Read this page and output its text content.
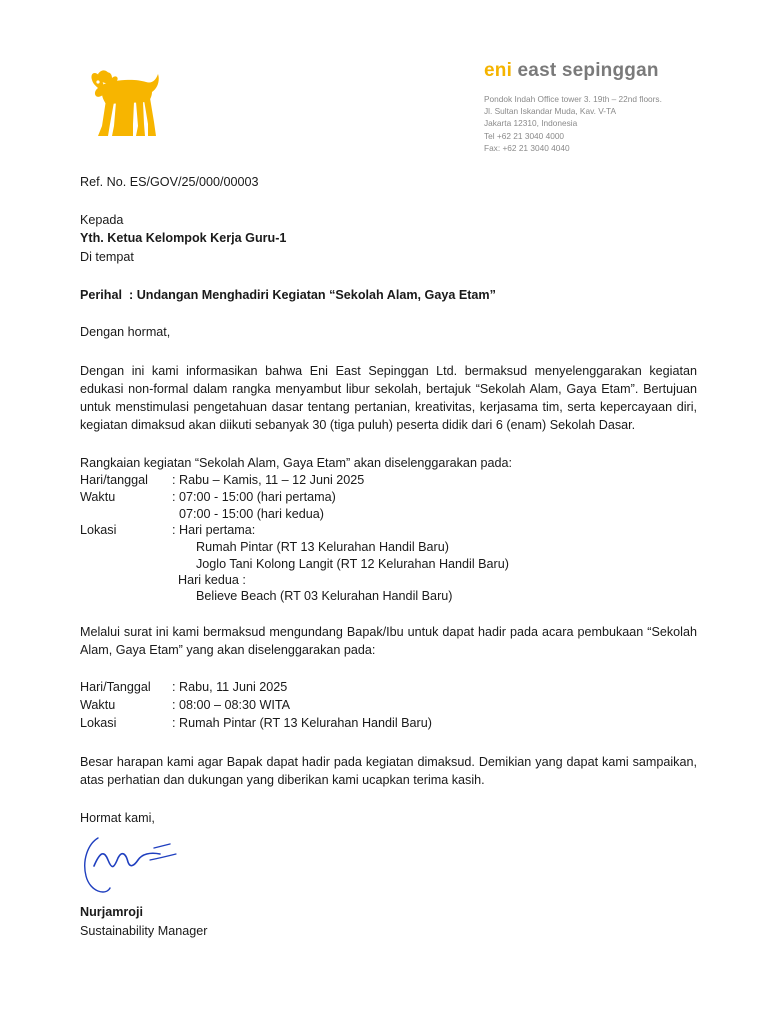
eni east sepinggan
Pondok Indah Office tower 3. 19th – 22nd floors.
Jl. Sultan Iskandar Muda, Kav. V-TA
Jakarta 12310, Indonesia
Tel +62 21 3040 4000
Fax: +62 21 3040 4040
Ref. No. ES/GOV/25/000/00003
Kepada
Yth. Ketua Kelompok Kerja Guru-1
Di tempat
Perihal  : Undangan Menghadiri Kegiatan “Sekolah Alam, Gaya Etam”
Dengan hormat,
Dengan ini kami informasikan bahwa Eni East Sepinggan Ltd. bermaksud menyelenggarakan kegiatan edukasi non-formal dalam rangka menyambut libur sekolah, bertajuk “Sekolah Alam, Gaya Etam”. Bertujuan untuk menstimulasi pengetahuan dasar tentang pertanian, kreativitas, kerjasama tim, serta kepercayaan diri, kegiatan dimaksud akan diikuti sebanyak 30 (tiga puluh) peserta didik dari 6 (enam) Sekolah Dasar.
Rangkaian kegiatan “Sekolah Alam, Gaya Etam” akan diselenggarakan pada:
Hari/tanggal : Rabu – Kamis, 11 – 12 Juni 2025
Waktu	: 07:00 - 15:00 (hari pertama)
07:00 - 15:00 (hari kedua)
Lokasi	: Hari pertama:
Rumah Pintar (RT 13 Kelurahan Handil Baru)
Joglo Tani Kolong Langit (RT 12 Kelurahan Handil Baru)
Hari kedua :
Believe Beach (RT 03 Kelurahan Handil Baru)
Melalui surat ini kami bermaksud mengundang Bapak/Ibu untuk dapat hadir pada acara pembukaan “Sekolah Alam, Gaya Etam” yang akan diselenggarakan pada:
Hari/Tanggal : Rabu, 11 Juni 2025
Waktu	: 08:00 – 08:30 WITA
Lokasi	: Rumah Pintar (RT 13 Kelurahan Handil Baru)
Besar harapan kami agar Bapak dapat hadir pada kegiatan dimaksud. Demikian yang dapat kami sampaikan, atas perhatian dan dukungan yang diberikan kami ucapkan terima kasih.
Hormat kami,
Nurjamroji
Sustainability Manager
